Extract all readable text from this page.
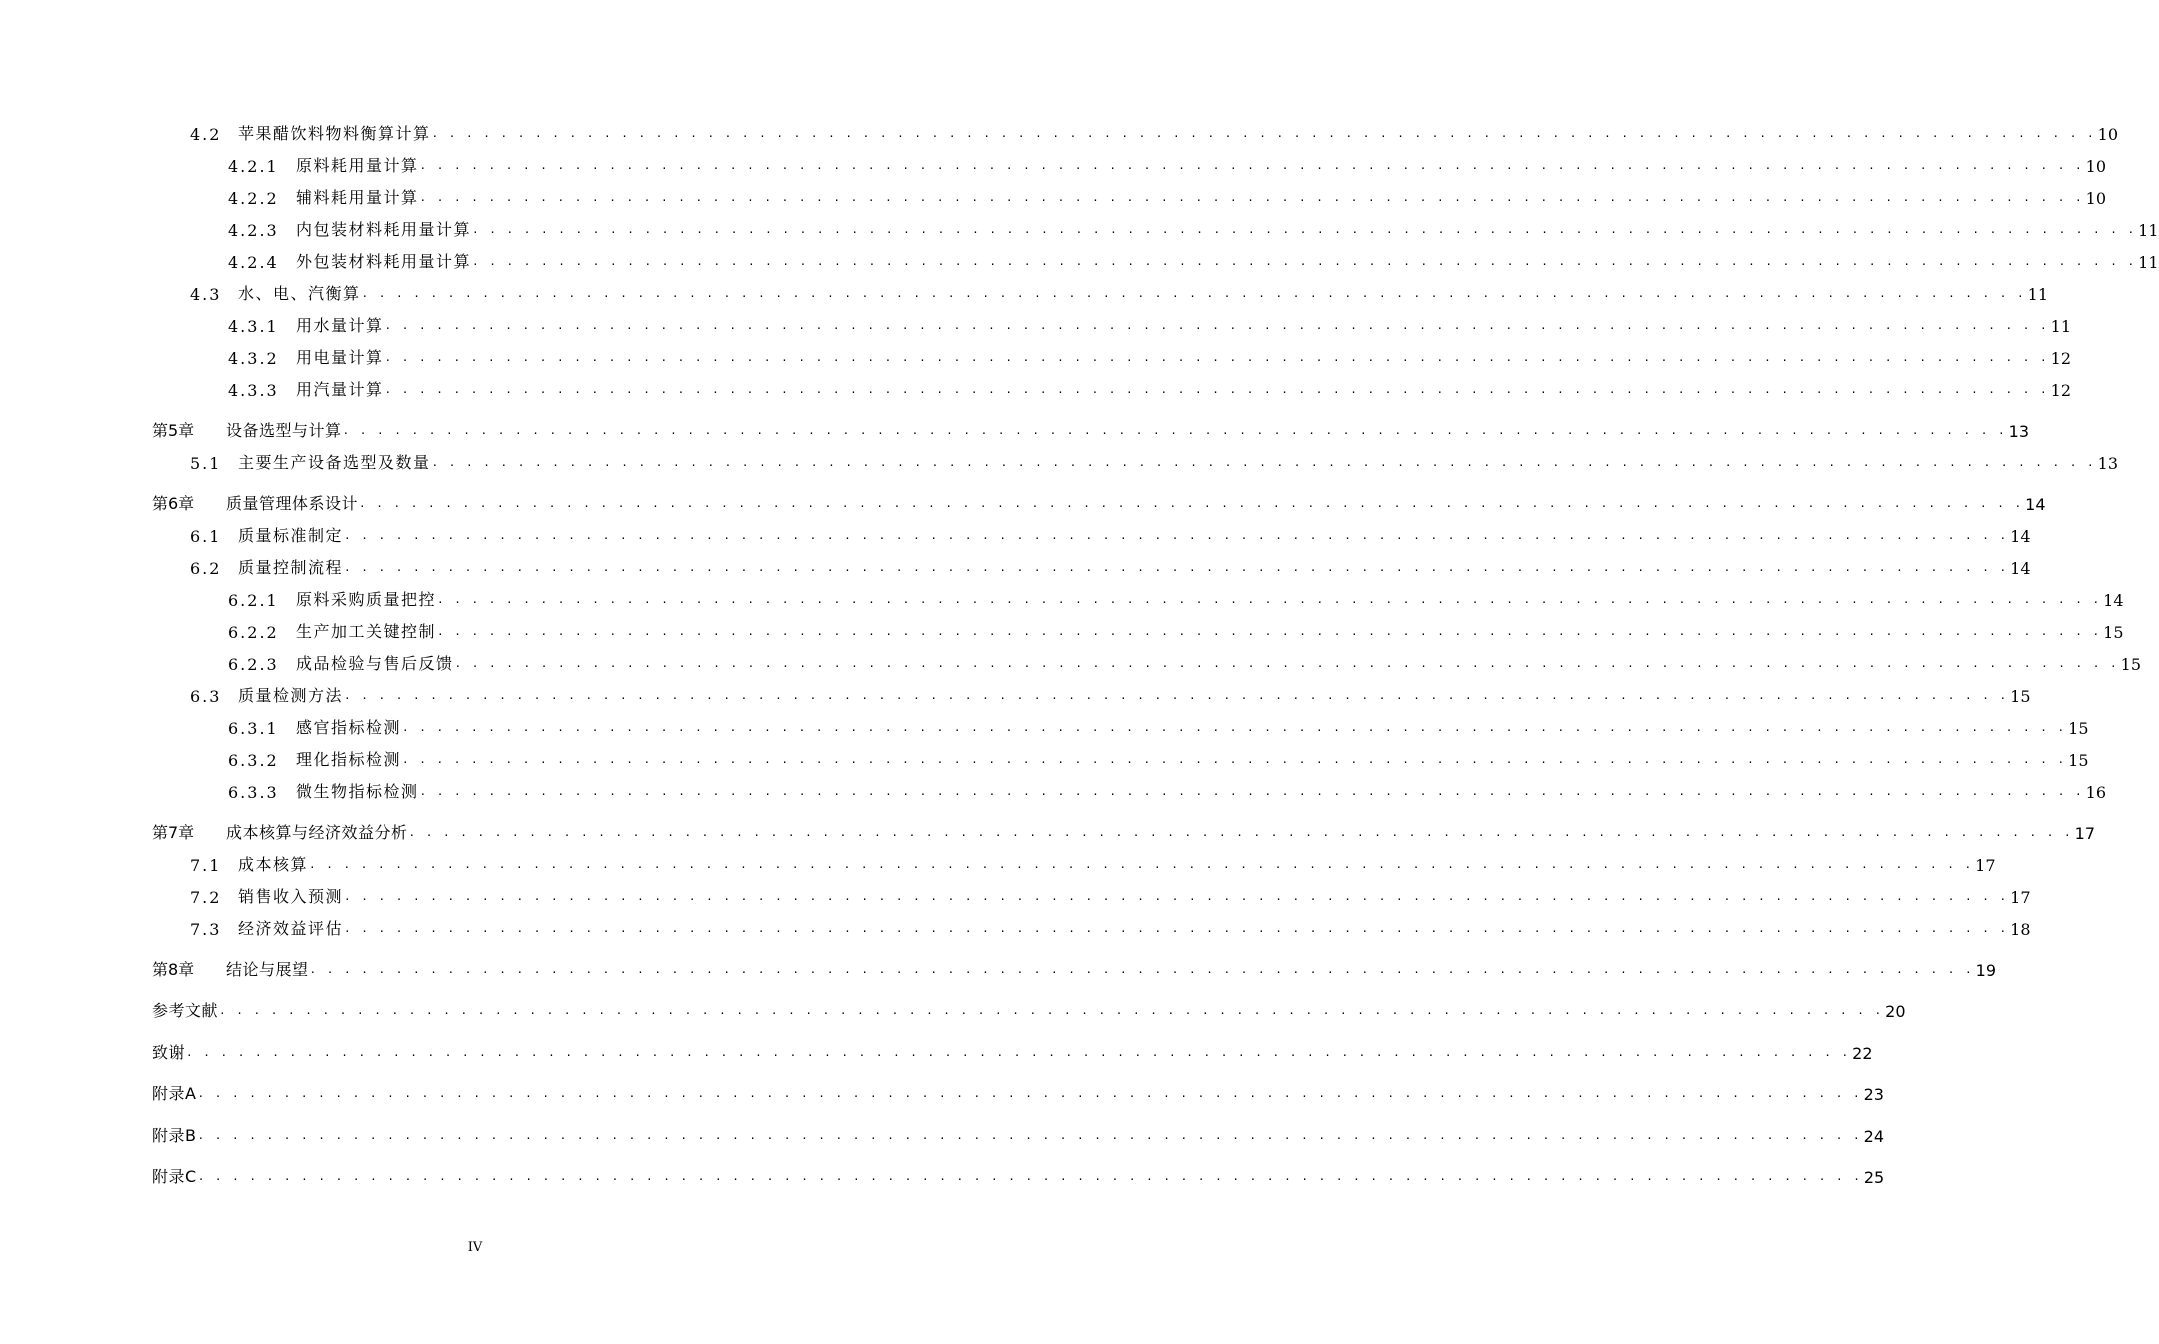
4.2	苹果醋饮料物料衡算计算 . . . . . . . . . . . . . . . . . . . . . . . . . . . . . . . . . . . . . . . . . . . . . . . . . . . . . . . . . . . . . . . . . . . . . . . . . . . . . . . . . . . . . . . . . . . . . . . . . 10
4.2.1	原料耗用量计算 . . . . . . . . . . . . . . . . . . . . . . . . . . . . . . . . . . . . . . . . . . . . . . . . . . . . . . . . . . . . . . . . . . . . . . . . . . . . . . . . . . . . . . . . . . . . . . . . . 10
4.2.2	辅料耗用量计算 . . . . . . . . . . . . . . . . . . . . . . . . . . . . . . . . . . . . . . . . . . . . . . . . . . . . . . . . . . . . . . . . . . . . . . . . . . . . . . . . . . . . . . . . . . . . . . . . . 10
4.2.3	内包装材料耗用量计算 . . . . . . . . . . . . . . . . . . . . . . . . . . . . . . . . . . . . . . . . . . . . . . . . . . . . . . . . . . . . . . . . . . . . . . . . . . . . . . . . . . . . . . . . . . . . . . . . . 11
4.2.4	外包装材料耗用量计算 . . . . . . . . . . . . . . . . . . . . . . . . . . . . . . . . . . . . . . . . . . . . . . . . . . . . . . . . . . . . . . . . . . . . . . . . . . . . . . . . . . . . . . . . . . . . . . . . . 11
4.3	水、电、汽衡算 . . . . . . . . . . . . . . . . . . . . . . . . . . . . . . . . . . . . . . . . . . . . . . . . . . . . . . . . . . . . . . . . . . . . . . . . . . . . . . . . . . . . . . . . . . . . . . . . . 11
4.3.1	用水量计算 . . . . . . . . . . . . . . . . . . . . . . . . . . . . . . . . . . . . . . . . . . . . . . . . . . . . . . . . . . . . . . . . . . . . . . . . . . . . . . . . . . . . . . . . . . . . . . . . . 11
4.3.2	用电量计算 . . . . . . . . . . . . . . . . . . . . . . . . . . . . . . . . . . . . . . . . . . . . . . . . . . . . . . . . . . . . . . . . . . . . . . . . . . . . . . . . . . . . . . . . . . . . . . . . . 12
4.3.3	用汽量计算 . . . . . . . . . . . . . . . . . . . . . . . . . . . . . . . . . . . . . . . . . . . . . . . . . . . . . . . . . . . . . . . . . . . . . . . . . . . . . . . . . . . . . . . . . . . . . . . . . 12
第5章	设备选型与计算 . . . . . . . . . . . . . . . . . . . . . . . . . . . . . . . . . . . . . . . . . . . . . . . . . . . . . . . . . . . . . . . . . . . . . . . . . . . . . . . . . . . . . . . . . . . . . . . . . 13
5.1	主要生产设备选型及数量 . . . . . . . . . . . . . . . . . . . . . . . . . . . . . . . . . . . . . . . . . . . . . . . . . . . . . . . . . . . . . . . . . . . . . . . . . . . . . . . . . . . . . . . . . . . . . . . . . 13
第6章	质量管理体系设计 . . . . . . . . . . . . . . . . . . . . . . . . . . . . . . . . . . . . . . . . . . . . . . . . . . . . . . . . . . . . . . . . . . . . . . . . . . . . . . . . . . . . . . . . . . . . . . . . . 14
6.1	质量标准制定 . . . . . . . . . . . . . . . . . . . . . . . . . . . . . . . . . . . . . . . . . . . . . . . . . . . . . . . . . . . . . . . . . . . . . . . . . . . . . . . . . . . . . . . . . . . . . . . . . 14
6.2	质量控制流程 . . . . . . . . . . . . . . . . . . . . . . . . . . . . . . . . . . . . . . . . . . . . . . . . . . . . . . . . . . . . . . . . . . . . . . . . . . . . . . . . . . . . . . . . . . . . . . . . . 14
6.2.1	原料采购质量把控 . . . . . . . . . . . . . . . . . . . . . . . . . . . . . . . . . . . . . . . . . . . . . . . . . . . . . . . . . . . . . . . . . . . . . . . . . . . . . . . . . . . . . . . . . . . . . . . . . 14
6.2.2	生产加工关键控制 . . . . . . . . . . . . . . . . . . . . . . . . . . . . . . . . . . . . . . . . . . . . . . . . . . . . . . . . . . . . . . . . . . . . . . . . . . . . . . . . . . . . . . . . . . . . . . . . . 15
6.2.3	成品检验与售后反馈 . . . . . . . . . . . . . . . . . . . . . . . . . . . . . . . . . . . . . . . . . . . . . . . . . . . . . . . . . . . . . . . . . . . . . . . . . . . . . . . . . . . . . . . . . . . . . . . . . 15
6.3	质量检测方法 . . . . . . . . . . . . . . . . . . . . . . . . . . . . . . . . . . . . . . . . . . . . . . . . . . . . . . . . . . . . . . . . . . . . . . . . . . . . . . . . . . . . . . . . . . . . . . . . . 15
6.3.1	感官指标检测 . . . . . . . . . . . . . . . . . . . . . . . . . . . . . . . . . . . . . . . . . . . . . . . . . . . . . . . . . . . . . . . . . . . . . . . . . . . . . . . . . . . . . . . . . . . . . . . . . 15
6.3.2	理化指标检测 . . . . . . . . . . . . . . . . . . . . . . . . . . . . . . . . . . . . . . . . . . . . . . . . . . . . . . . . . . . . . . . . . . . . . . . . . . . . . . . . . . . . . . . . . . . . . . . . . 15
6.3.3	微生物指标检测 . . . . . . . . . . . . . . . . . . . . . . . . . . . . . . . . . . . . . . . . . . . . . . . . . . . . . . . . . . . . . . . . . . . . . . . . . . . . . . . . . . . . . . . . . . . . . . . . . 16
第7章	成本核算与经济效益分析 . . . . . . . . . . . . . . . . . . . . . . . . . . . . . . . . . . . . . . . . . . . . . . . . . . . . . . . . . . . . . . . . . . . . . . . . . . . . . . . . . . . . . . . . . . . . . . . . . 17
7.1	成本核算 . . . . . . . . . . . . . . . . . . . . . . . . . . . . . . . . . . . . . . . . . . . . . . . . . . . . . . . . . . . . . . . . . . . . . . . . . . . . . . . . . . . . . . . . . . . . . . . . . 17
7.2	销售收入预测 . . . . . . . . . . . . . . . . . . . . . . . . . . . . . . . . . . . . . . . . . . . . . . . . . . . . . . . . . . . . . . . . . . . . . . . . . . . . . . . . . . . . . . . . . . . . . . . . . 17
7.3	经济效益评估 . . . . . . . . . . . . . . . . . . . . . . . . . . . . . . . . . . . . . . . . . . . . . . . . . . . . . . . . . . . . . . . . . . . . . . . . . . . . . . . . . . . . . . . . . . . . . . . . . 18
第8章	结论与展望 . . . . . . . . . . . . . . . . . . . . . . . . . . . . . . . . . . . . . . . . . . . . . . . . . . . . . . . . . . . . . . . . . . . . . . . . . . . . . . . . . . . . . . . . . . . . . . . . . 19
参考文献 . . . . . . . . . . . . . . . . . . . . . . . . . . . . . . . . . . . . . . . . . . . . . . . . . . . . . . . . . . . . . . . . . . . . . . . . . . . . . . . . . . . . . . . . . . . . . . . . . 20
致谢 . . . . . . . . . . . . . . . . . . . . . . . . . . . . . . . . . . . . . . . . . . . . . . . . . . . . . . . . . . . . . . . . . . . . . . . . . . . . . . . . . . . . . . . . . . . . . . . . . 22
附录A . . . . . . . . . . . . . . . . . . . . . . . . . . . . . . . . . . . . . . . . . . . . . . . . . . . . . . . . . . . . . . . . . . . . . . . . . . . . . . . . . . . . . . . . . . . . . . . . . 23
附录B . . . . . . . . . . . . . . . . . . . . . . . . . . . . . . . . . . . . . . . . . . . . . . . . . . . . . . . . . . . . . . . . . . . . . . . . . . . . . . . . . . . . . . . . . . . . . . . . . 24
附录C . . . . . . . . . . . . . . . . . . . . . . . . . . . . . . . . . . . . . . . . . . . . . . . . . . . . . . . . . . . . . . . . . . . . . . . . . . . . . . . . . . . . . . . . . . . . . . . . . 25
IV
